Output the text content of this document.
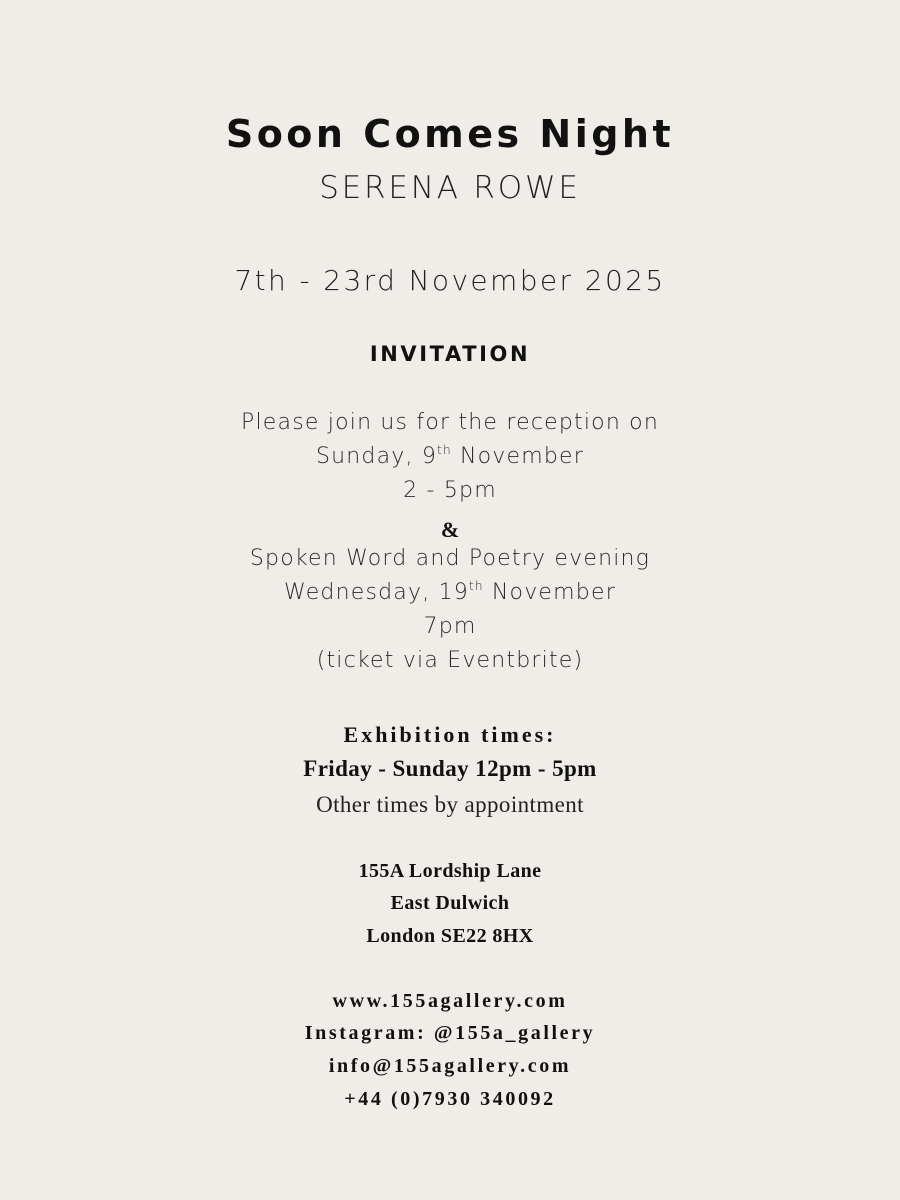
Soon Comes Night
SERENA ROWE
7th - 23rd November 2025
INVITATION
Please join us for the reception on
Sunday, 9th November
2 - 5pm
&
Spoken Word and Poetry evening
Wednesday, 19th November
7pm
(ticket via Eventbrite)
Exhibition times:
Friday - Sunday 12pm - 5pm
Other times by appointment
155A Lordship Lane
East Dulwich
London SE22 8HX
www.155agallery.com
Instagram: @155a_gallery
info@155agallery.com
+44 (0)7930 340092
